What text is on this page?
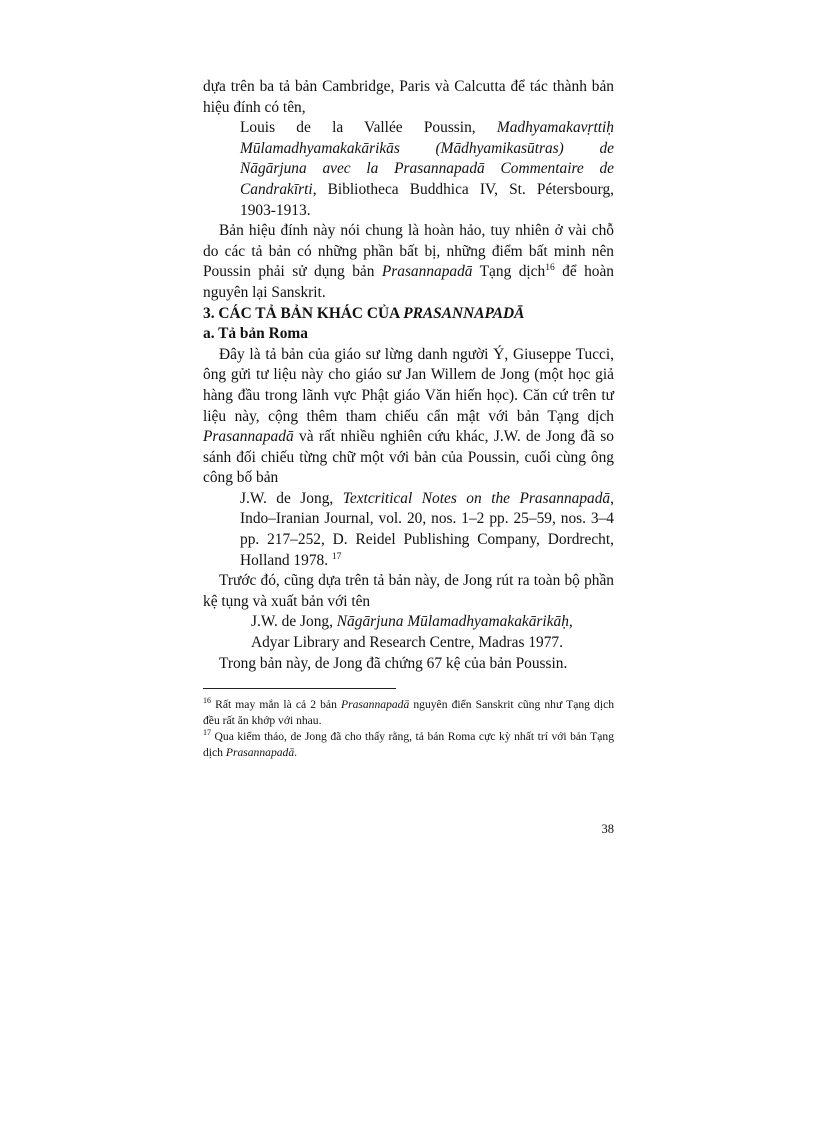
dựa trên ba tả bản Cambridge, Paris và Calcutta để tác thành bản hiệu đính có tên,

Louis de la Vallée Poussin, Madhyamakavṛttiḥ Mūlamadhyamakakārikās (Mādhyamikasūtras) de Nāgārjuna avec la Prasannapadā Commentaire de Candrakīrti, Bibliotheca Buddhica IV, St. Pétersbourg, 1903-1913.

Bản hiệu đính này nói chung là hoàn hảo, tuy nhiên ở vài chỗ do các tả bản có những phần bất bị, những điểm bất minh nên Poussin phải sử dụng bản Prasannapadā Tạng dịch$^{16}$ để hoàn nguyên lại Sanskrit.

3. CÁC TẢ BẢN KHÁC CỦA PRASANNAPADĀ

a. Tả bản Roma

Đây là tả bản của giáo sư lừng danh người Ý, Giuseppe Tucci, ông gửi tư liệu này cho giáo sư Jan Willem de Jong (một học giả hàng đầu trong lãnh vực Phật giáo Văn hiến học). Căn cứ trên tư liệu này, cộng thêm tham chiếu cẩn mật với bản Tạng dịch Prasannapadā và rất nhiều nghiên cứu khác, J.W. de Jong đã so sánh đối chiếu từng chữ một với bản của Poussin, cuối cùng ông công bố bản

J.W. de Jong, Textcritical Notes on the Prasannapadā, Indo–Iranian Journal, vol. 20, nos. 1–2 pp. 25–59, nos. 3–4 pp. 217–252, D. Reidel Publishing Company, Dordrecht, Holland 1978. $^{17}$

Trước đó, cũng dựa trên tả bản này, de Jong rút ra toàn bộ phần kệ tụng và xuất bản với tên

J.W. de Jong, Nāgārjuna Mūlamadhyamakakārikāḥ,
Adyar Library and Research Centre, Madras 1977.

Trong bản này, de Jong đã chứng 67 kệ của bản Poussin.

$^{16}$ Rất may mắn là cả 2 bản Prasannapadā nguyên điển Sanskrit cũng như Tạng dịch đều rất ăn khớp với nhau.

$^{17}$ Qua kiểm thảo, de Jong đã cho thấy rằng, tả bản Roma cực kỳ nhất trí với bản Tạng dịch Prasannapadā.

38
